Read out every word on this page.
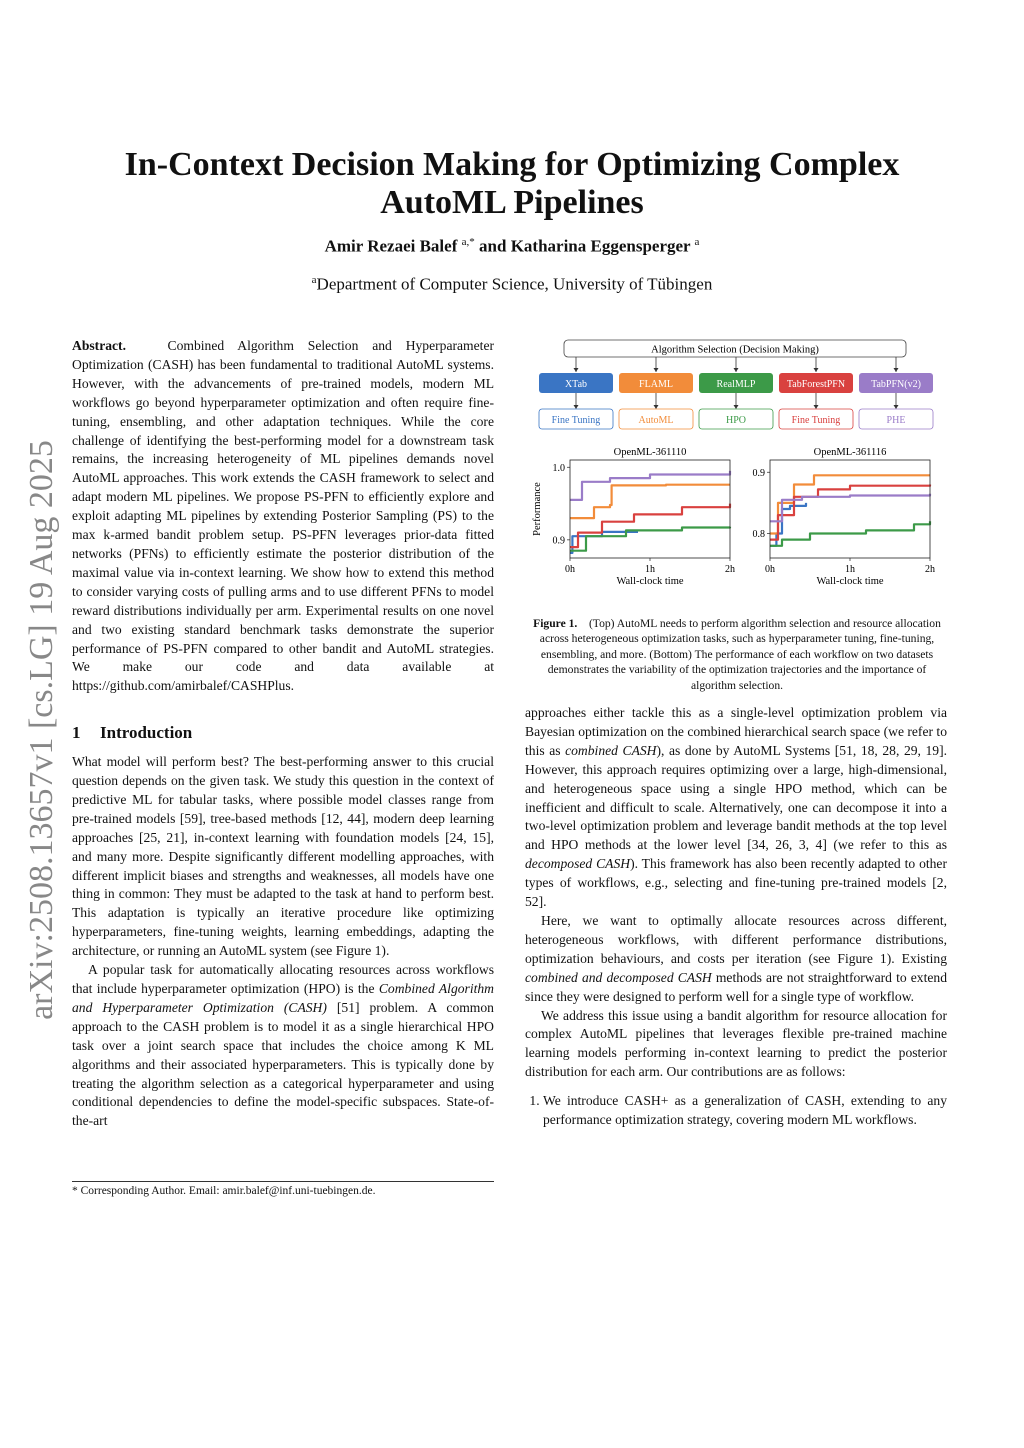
arXiv:2508.13657v1 [cs.LG] 19 Aug 2025
In-Context Decision Making for Optimizing Complex AutoML Pipelines
Amir Rezaei Balef $^{a,*}$ and Katharina Eggensperger $^a$
$^a$Department of Computer Science, University of Tübingen

Abstract.	Combined Algorithm Selection and Hyperparameter Optimization (CASH) has been fundamental to traditional AutoML systems. However, with the advancements of pre-trained models, modern ML workflows go beyond hyperparameter optimization and often require fine-tuning, ensembling, and other adaptation techniques. While the core challenge of identifying the best-performing model for a downstream task remains, the increasing heterogeneity of ML pipelines demands novel AutoML approaches. This work extends the CASH framework to select and adapt modern ML pipelines. We propose PS-PFN to efficiently explore and exploit adapting ML pipelines by extending Posterior Sampling (PS) to the max k-armed bandit problem setup. PS-PFN leverages prior-data fitted networks (PFNs) to efficiently estimate the posterior distribution of the maximal value via in-context learning. We show how to extend this method to consider varying costs of pulling arms and to use different PFNs to model reward distributions individually per arm. Experimental results on one novel and two existing standard benchmark tasks demonstrate the superior performance of PS-PFN compared to other bandit and AutoML strategies. We make our code and data available at https://github.com/amirbalef/CASHPlus.

1 Introduction

What model will perform best? The best-performing answer to this crucial question depends on the given task. We study this question in the context of predictive ML for tabular tasks, where possible model classes range from pre-trained models [59], tree-based methods [12, 44], modern deep learning approaches [25, 21], in-context learning with foundation models [24, 15], and many more. Despite significantly different modelling approaches, with different implicit biases and strengths and weaknesses, all models have one thing in common: They must be adapted to the task at hand to perform best. This adaptation is typically an iterative procedure like optimizing hyperparameters, fine-tuning weights, learning embeddings, adapting the architecture, or running an AutoML system (see Figure 1).

A popular task for automatically allocating resources across workflows that include hyperparameter optimization (HPO) is the Combined Algorithm and Hyperparameter Optimization (CASH) [51] problem. A common approach to the CASH problem is to model it as a single hierarchical HPO task over a joint search space that includes the choice among K ML algorithms and their associated hyperparameters. This is typically done by treating the algorithm selection as a categorical hyperparameter and using conditional dependencies to define the model-specific subspaces. State-of-the-art

* Corresponding Author. Email: amir.balef@inf.uni-tuebingen.de.
Algorithm Selection (Decision Making)
XTab
Fine Tuning
FLAML
AutoML
RealMLP
HPO
TabForestPFN
Fine Tuning
TabPFN(v2)
PHE
OpenML-361110
0h	1h	2h
1.0
0.9
Wall-clock time
Performance
OpenML-361116
0h	1h	2h
0.9
0.8
Wall-clock time
Figure 1. (Top) AutoML needs to perform algorithm selection and resource allocation across heterogeneous optimization tasks, such as hyperparameter tuning, fine-tuning, ensembling, and more. (Bottom) The performance of each workflow on two datasets demonstrates the variability of the optimization trajectories and the importance of algorithm selection.

approaches either tackle this as a single-level optimization problem via Bayesian optimization on the combined hierarchical search space (we refer to this as combined CASH), as done by AutoML Systems [51, 18, 28, 29, 19]. However, this approach requires optimizing over a large, high-dimensional, and heterogeneous space using a single HPO method, which can be inefficient and difficult to scale. Alternatively, one can decompose it into a two-level optimization problem and leverage bandit methods at the top level and HPO methods at the lower level [34, 26, 3, 4] (we refer to this as decomposed CASH). This framework has also been recently adapted to other types of workflows, e.g., selecting and fine-tuning pre-trained models [2, 52].

Here, we want to optimally allocate resources across different, heterogeneous workflows, with different performance distributions, optimization behaviours, and costs per iteration (see Figure 1). Existing combined and decomposed CASH methods are not straightforward to extend since they were designed to perform well for a single type of workflow.

We address this issue using a bandit algorithm for resource allocation for complex AutoML pipelines that leverages flexible pre-trained machine learning models performing in-context learning to predict the posterior distribution for each arm. Our contributions are as follows:

1. We introduce CASH+ as a generalization of CASH, extending to any performance optimization strategy, covering modern ML workflows.
